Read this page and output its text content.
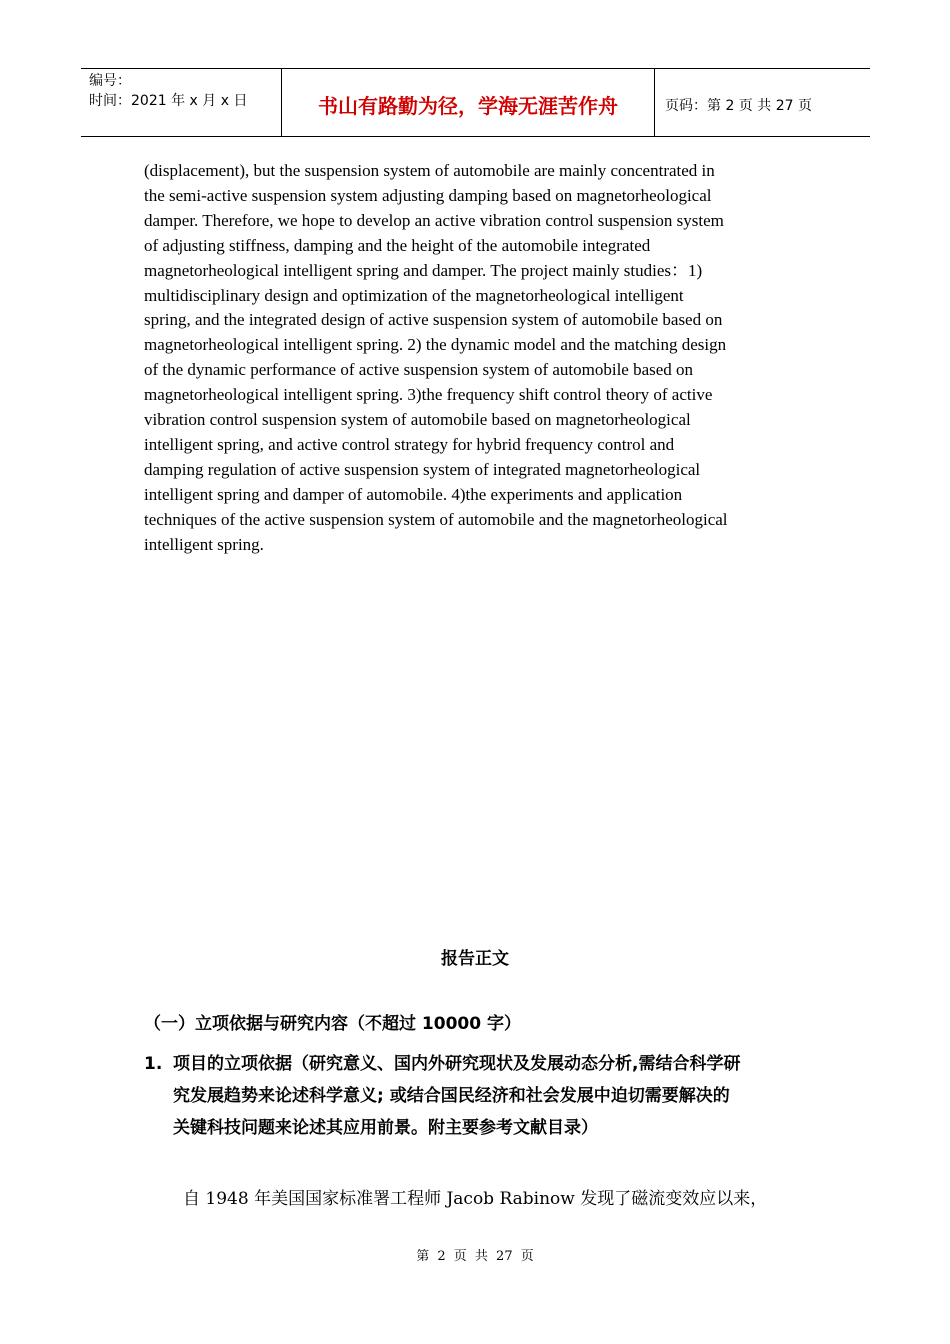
编号：
时间：2021 年 x 月 x 日	书山有路勤为径，学海无涯苦作舟	页码：第 2 页 共 27 页
(displacement), but the suspension system of automobile are mainly concentrated in
the semi-active suspension system adjusting damping based on magnetorheological
damper. Therefore, we hope to develop an active vibration control suspension system
of adjusting stiffness, damping and the height of the automobile integrated
magnetorheological intelligent spring and damper. The project mainly studies：1)
multidisciplinary design and optimization of the magnetorheological intelligent
spring, and the integrated design of active suspension system of automobile based on
magnetorheological intelligent spring. 2) the dynamic model and the matching design
of the dynamic performance of active suspension system of automobile based on
magnetorheological intelligent spring. 3)the frequency shift control theory of active
vibration control suspension system of automobile based on magnetorheological
intelligent spring, and active control strategy for hybrid frequency control and
damping regulation of active suspension system of integrated magnetorheological
intelligent spring and damper of automobile. 4)the experiments and application
techniques of the active suspension system of automobile and the magnetorheological
intelligent spring.
报告正文
（一）立项依据与研究内容（不超过 10000 字）
1. 项目的立项依据（研究意义、国内外研究现状及发展动态分析,需结合科学研
究发展趋势来论述科学意义; 或结合国民经济和社会发展中迫切需要解决的
关键科技问题来论述其应用前景。附主要参考文献目录）
自 1948 年美国国家标准署工程师 Jacob Rabinow 发现了磁流变效应以来，
第 2 页 共 27 页
